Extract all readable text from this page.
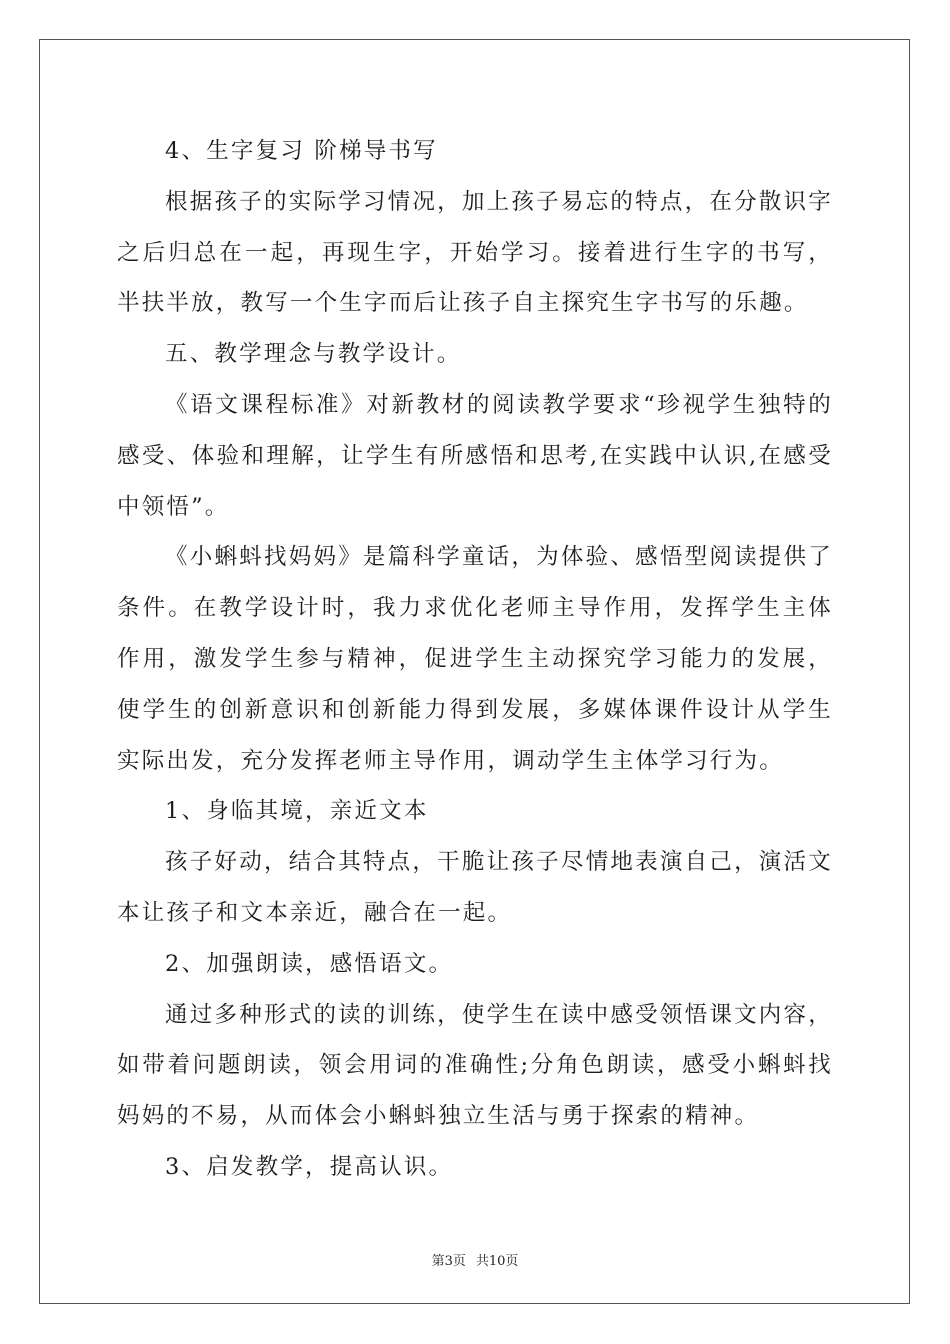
4、生字复习 阶梯导书写

根据孩子的实际学习情况，加上孩子易忘的特点，在分散识字之后归总在一起，再现生字，开始学习。接着进行生字的书写，半扶半放，教写一个生字而后让孩子自主探究生字书写的乐趣。

五、教学理念与教学设计。

《语文课程标准》对新教材的阅读教学要求“珍视学生独特的感受、体验和理解，让学生有所感悟和思考,在实践中认识,在感受中领悟”。

《小蝌蚪找妈妈》是篇科学童话，为体验、感悟型阅读提供了条件。在教学设计时，我力求优化老师主导作用，发挥学生主体作用，激发学生参与精神，促进学生主动探究学习能力的发展，使学生的创新意识和创新能力得到发展，多媒体课件设计从学生实际出发，充分发挥老师主导作用，调动学生主体学习行为。

1、身临其境，亲近文本

孩子好动，结合其特点，干脆让孩子尽情地表演自己，演活文本让孩子和文本亲近，融合在一起。

2、加强朗读，感悟语文。

通过多种形式的读的训练，使学生在读中感受领悟课文内容，如带着问题朗读，领会用词的准确性;分角色朗读，感受小蝌蚪找妈妈的不易，从而体会小蝌蚪独立生活与勇于探索的精神。

3、启发教学，提高认识。

第3页 共10页
